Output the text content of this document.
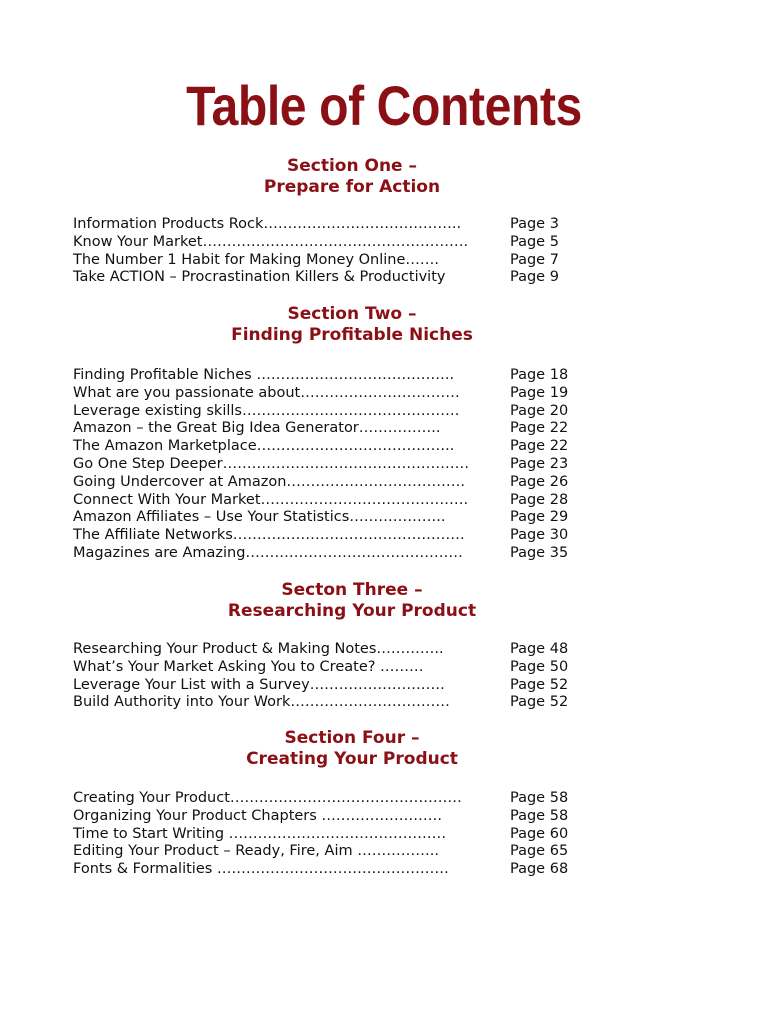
Table of Contents
Section One –
Prepare for Action
Information Products Rock…………………………………..	Page 3
Know Your Market……………………………………………….	Page 5
The Number 1 Habit for Making Money Online…….	Page 7
Take ACTION – Procrastination Killers & Productivity	Page 9
Section Two –
Finding Profitable Niches
Finding Profitable Niches …………………………………..	Page 18
What are you passionate about……………………………	Page 19
Leverage existing skills………………………………………	Page 20
Amazon – the Great Big Idea Generator……………..	Page 22
The Amazon Marketplace…………………………………..	Page 22
Go One Step Deeper……………………………………………	Page 23
Going Undercover at Amazon……………………………….	Page 26
Connect With Your Market…………………………………….	Page 28
Amazon Affiliates – Use Your Statistics………………..	Page 29
The Affiliate Networks…………………………………………	Page 30
Magazines are Amazing………………………………………	Page 35
Secton Three –
Researching Your Product
Researching Your Product & Making Notes…………..	Page 48
What’s Your Market Asking You to Create? ………	Page 50
Leverage Your List with a Survey……………………….	Page 52
Build Authority into Your Work……………………………	Page 52
Section Four –
Creating Your Product
Creating Your Product…………………………………………	Page 58
Organizing Your Product Chapters …………………….	Page 58
Time to Start Writing ………………………………………	Page 60
Editing Your Product – Ready, Fire, Aim ……………..	Page 65
Fonts & Formalities …………………………………………	Page 68
